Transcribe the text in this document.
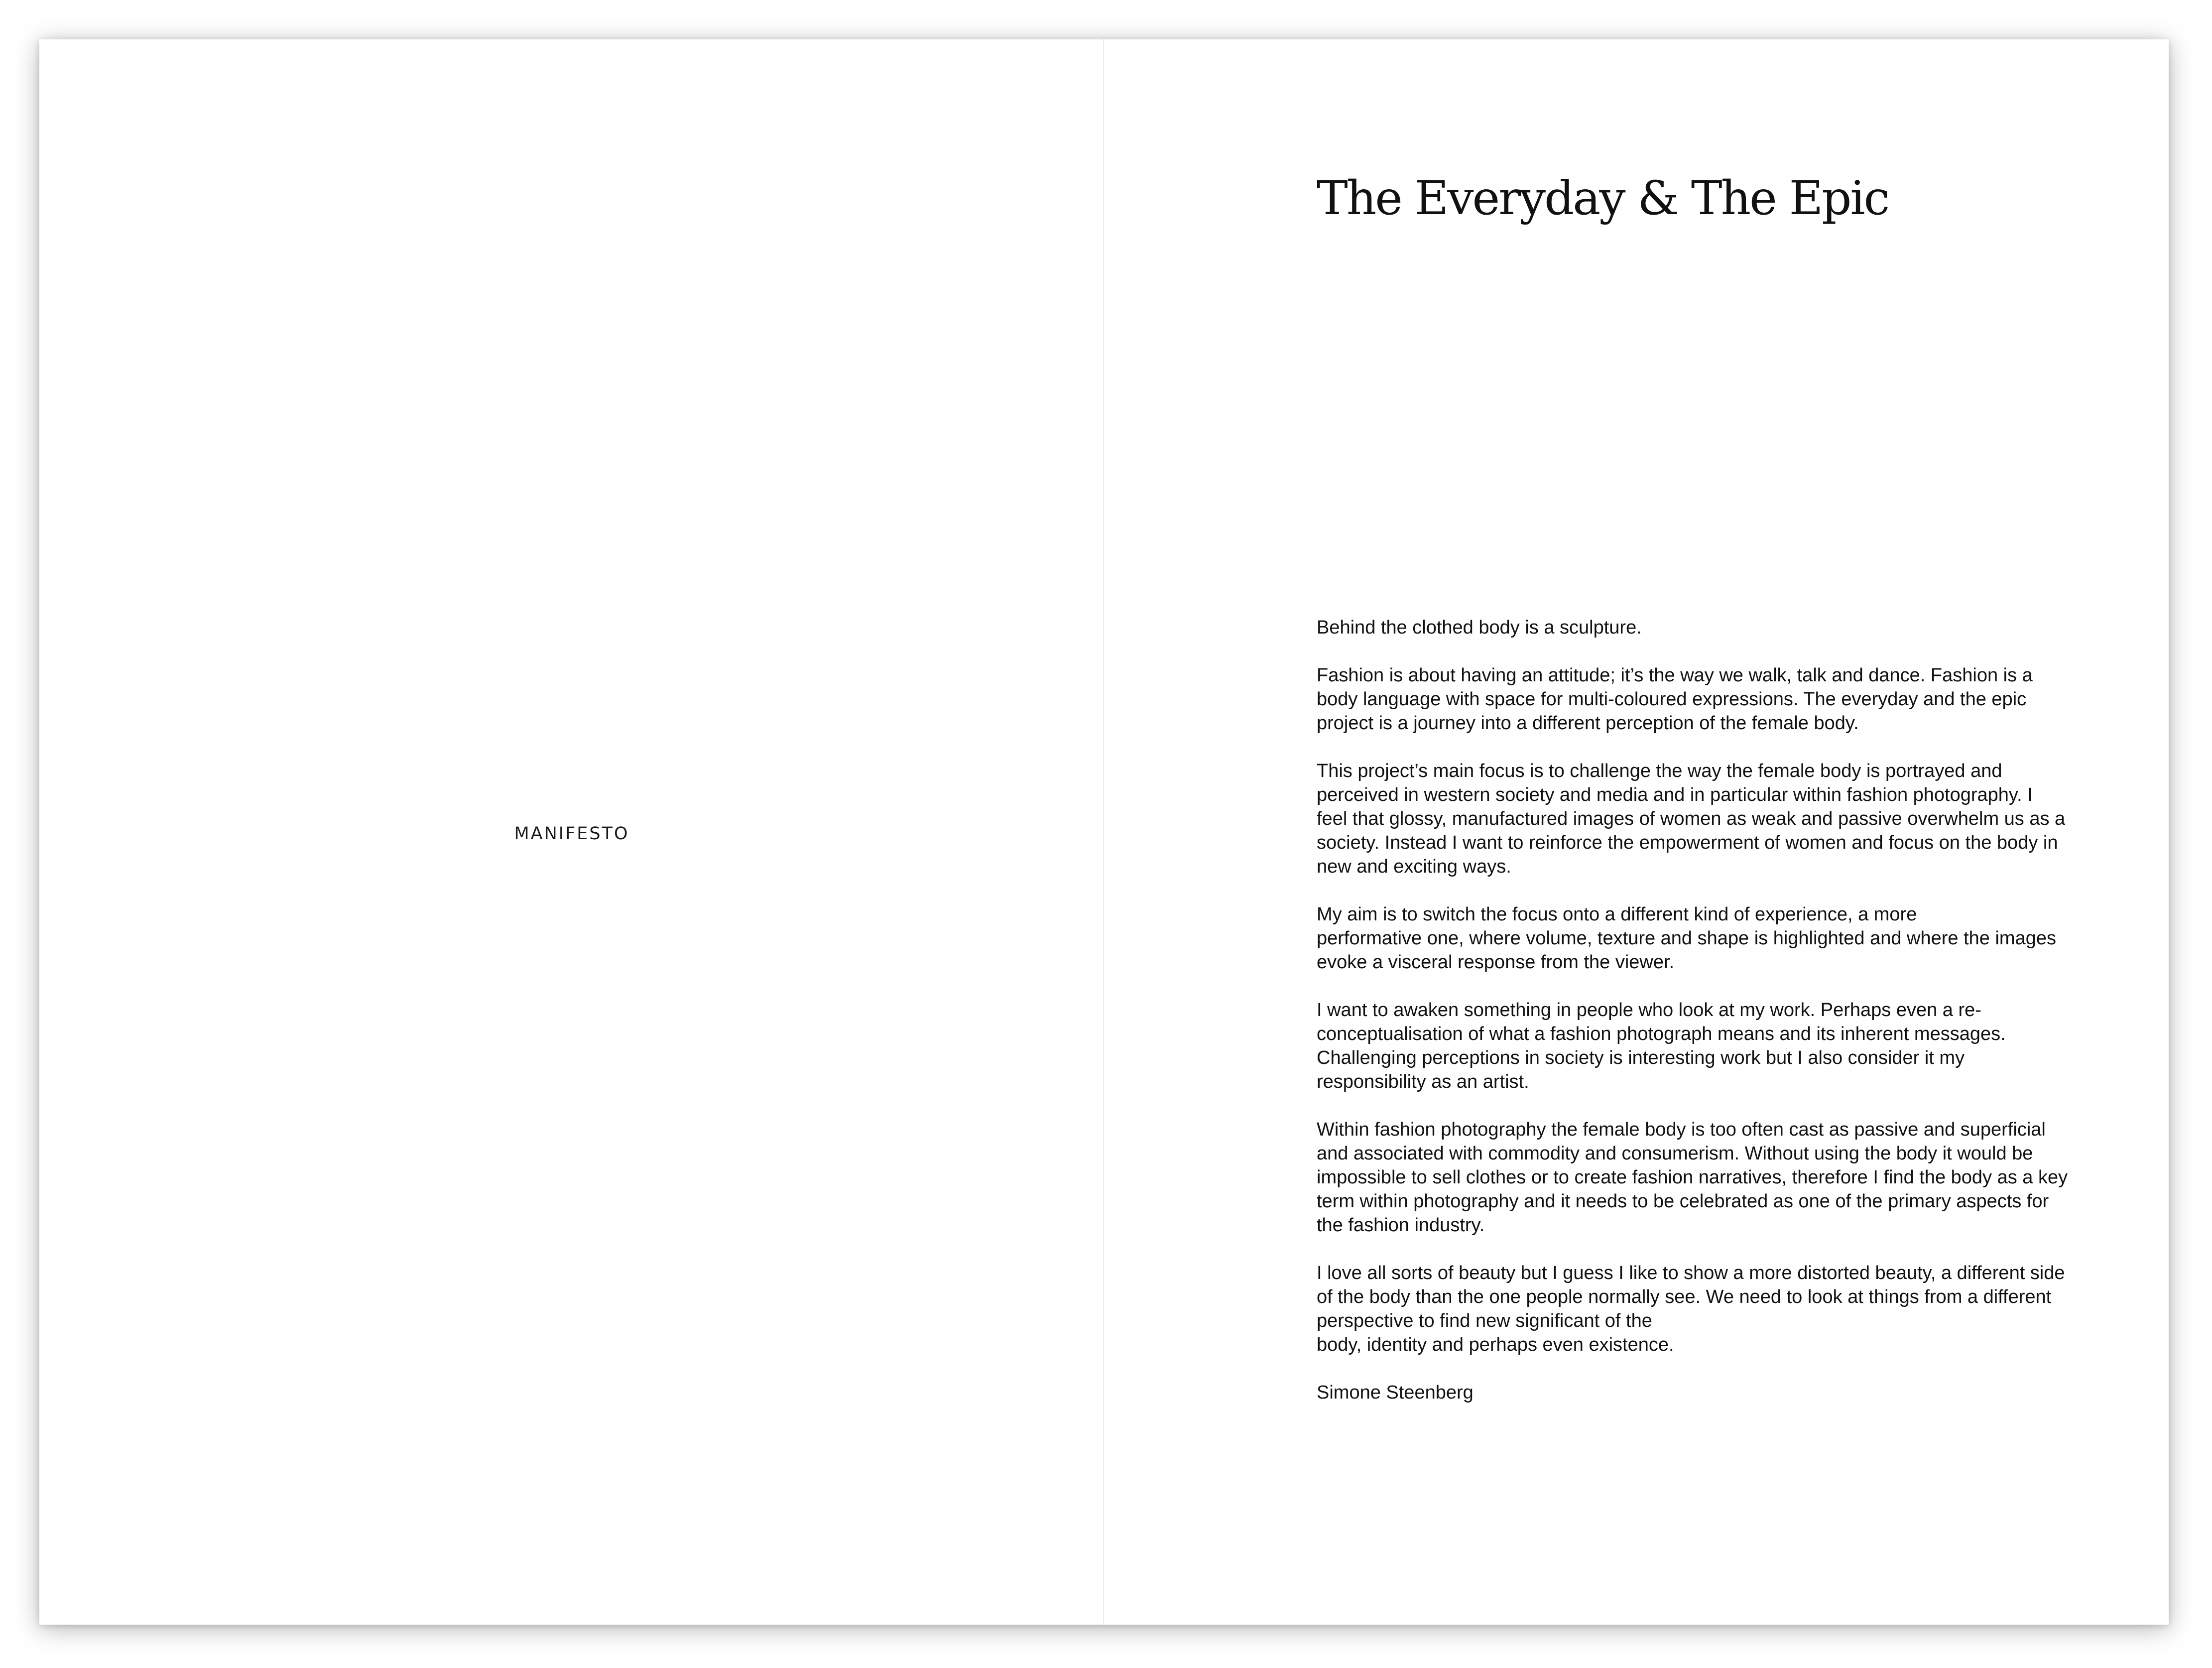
MANIFESTO

The Everyday & The Epic

Behind the clothed body is a sculpture.

Fashion is about having an attitude; it’s the way we walk, talk and dance. Fashion is a
body language with space for multi-coloured expressions. The everyday and the epic
project is a journey into a different perception of the female body.

This project’s main focus is to challenge the way the female body is portrayed and
perceived in western society and media and in particular within fashion photography. I
feel that glossy, manufactured images of women as weak and passive overwhelm us as a
society. Instead I want to reinforce the empowerment of women and focus on the body in
new and exciting ways.

My aim is to switch the focus onto a different kind of experience, a more
performative one, where volume, texture and shape is highlighted and where the images
evoke a visceral response from the viewer.

I want to awaken something in people who look at my work. Perhaps even a re-
conceptualisation of what a fashion photograph means and its inherent messages.
Challenging perceptions in society is interesting work but I also consider it my
responsibility as an artist.

Within fashion photography the female body is too often cast as passive and superficial
and associated with commodity and consumerism. Without using the body it would be
impossible to sell clothes or to create fashion narratives, therefore I find the body as a key
term within photography and it needs to be celebrated as one of the primary aspects for
the fashion industry.

I love all sorts of beauty but I guess I like to show a more distorted beauty, a different side
of the body than the one people normally see. We need to look at things from a different
perspective to find new significant of the
body, identity and perhaps even existence.

Simone Steenberg
